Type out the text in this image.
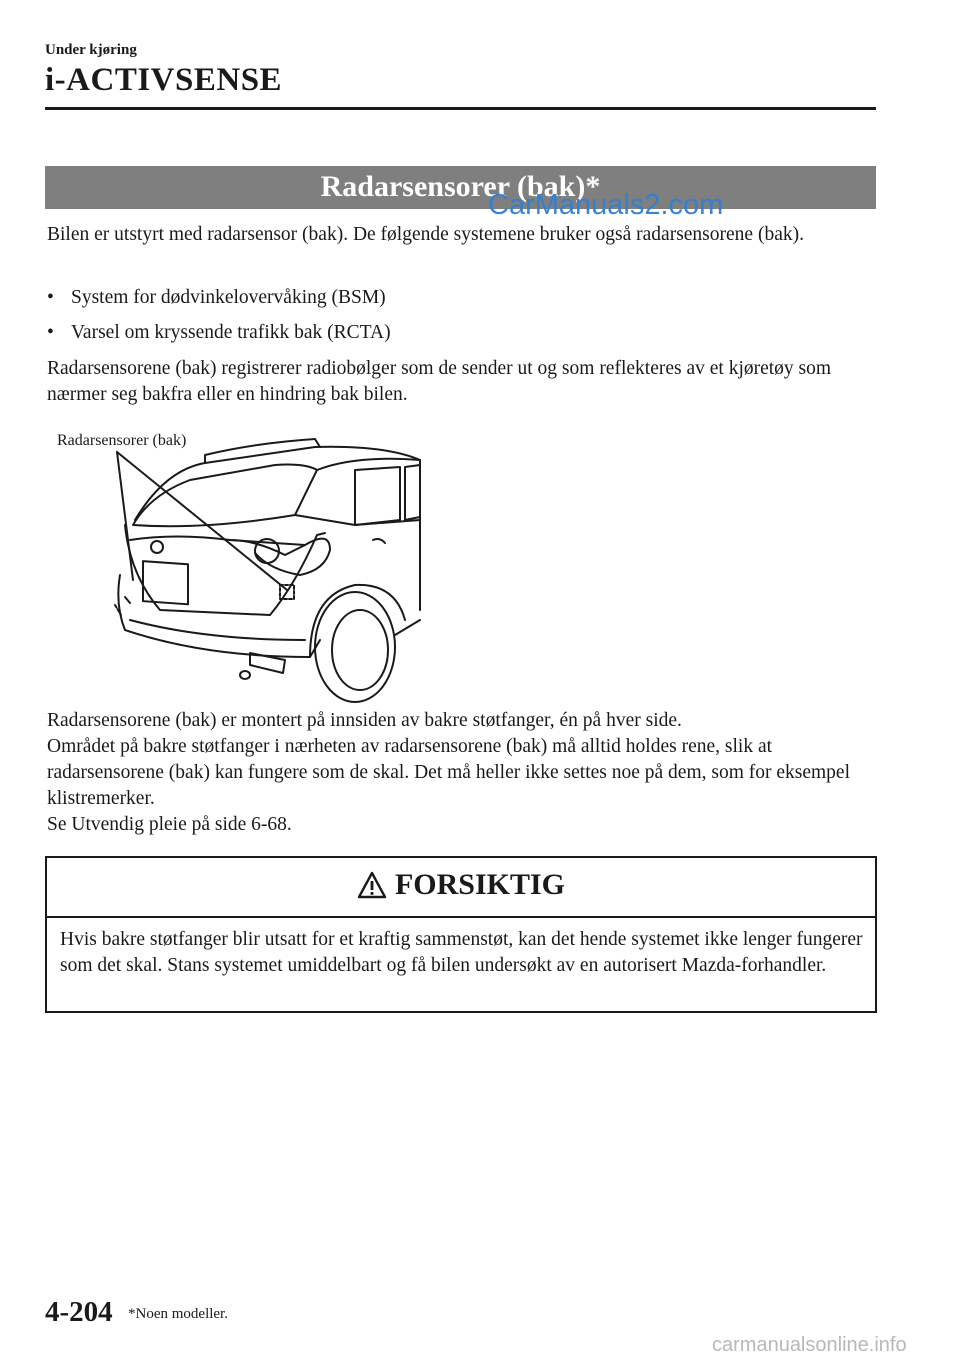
Under kjøring
i-ACTIVSENSE
Radarsensorer (bak)*
CarManuals2.com
Bilen er utstyrt med radarsensor (bak). De følgende systemene bruker også radarsensorene (bak).
• System for dødvinkelovervåking (BSM)
• Varsel om kryssende trafikk bak (RCTA)
Radarsensorene (bak) registrerer radiobølger som de sender ut og som reflekteres av et kjøretøy som nærmer seg bakfra eller en hindring bak bilen.
Radarsensorer (bak)
Radarsensorene (bak) er montert på innsiden av bakre støtfanger, én på hver side.
Området på bakre støtfanger i nærheten av radarsensorene (bak) må alltid holdes rene, slik at radarsensorene (bak) kan fungere som de skal. Det må heller ikke settes noe på dem, som for eksempel klistremerker.
Se Utvendig pleie på side 6-68.
FORSIKTIG
Hvis bakre støtfanger blir utsatt for et kraftig sammenstøt, kan det hende systemet ikke lenger fungerer som det skal. Stans systemet umiddelbart og få bilen undersøkt av en autorisert Mazda-forhandler.
4-204 *Noen modeller.
carmanualsonline.info
